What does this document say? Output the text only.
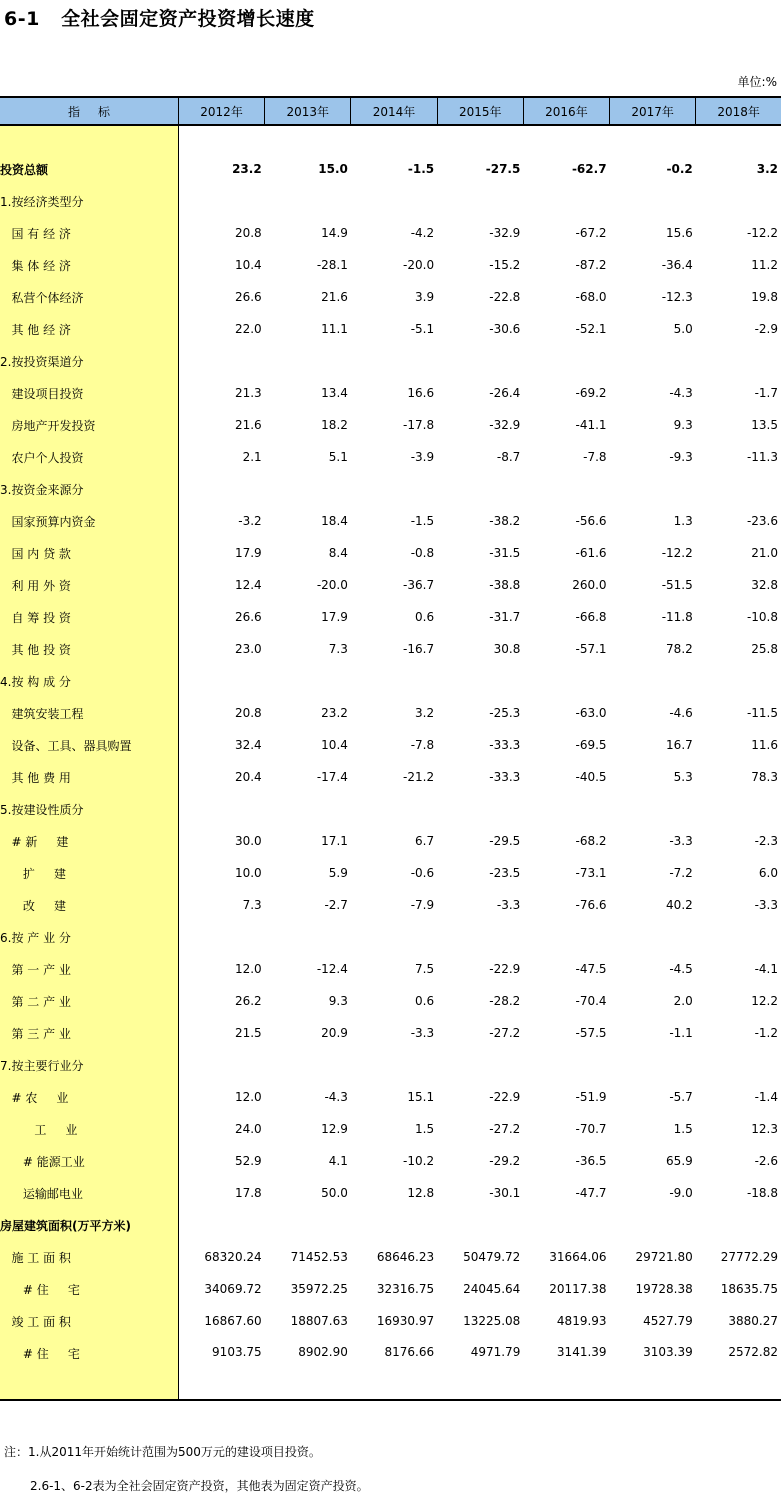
6-1   全社会固定资产投资增长速度
单位:%
指标	2012年	2013年	2014年	2015年	2016年	2017年	2018年

投资总额	23.2	15.0	-1.5	-27.5	-62.7	-0.2	3.2
1.按经济类型分							
国 有 经 济	20.8	14.9	-4.2	-32.9	-67.2	15.6	-12.2
集 体 经 济	10.4	-28.1	-20.0	-15.2	-87.2	-36.4	11.2
私营个体经济	26.6	21.6	3.9	-22.8	-68.0	-12.3	19.8
其 他 经 济	22.0	11.1	-5.1	-30.6	-52.1	5.0	-2.9
2.按投资渠道分							
建设项目投资	21.3	13.4	16.6	-26.4	-69.2	-4.3	-1.7
房地产开发投资	21.6	18.2	-17.8	-32.9	-41.1	9.3	13.5
农户个人投资	2.1	5.1	-3.9	-8.7	-7.8	-9.3	-11.3
3.按资金来源分							
国家预算内资金	-3.2	18.4	-1.5	-38.2	-56.6	1.3	-23.6
国 内 贷 款	17.9	8.4	-0.8	-31.5	-61.6	-12.2	21.0
利 用 外 资	12.4	-20.0	-36.7	-38.8	260.0	-51.5	32.8
自 筹 投 资	26.6	17.9	0.6	-31.7	-66.8	-11.8	-10.8
其 他 投 资	23.0	7.3	-16.7	30.8	-57.1	78.2	25.8
4.按 构 成 分							
建筑安装工程	20.8	23.2	3.2	-25.3	-63.0	-4.6	-11.5
设备、工具、器具购置	32.4	10.4	-7.8	-33.3	-69.5	16.7	11.6
其 他 费 用	20.4	-17.4	-21.2	-33.3	-40.5	5.3	78.3
5.按建设性质分							
# 新     建	30.0	17.1	6.7	-29.5	-68.2	-3.3	-2.3
扩     建	10.0	5.9	-0.6	-23.5	-73.1	-7.2	6.0
改     建	7.3	-2.7	-7.9	-3.3	-76.6	40.2	-3.3
6.按 产 业 分							
第 一 产 业	12.0	-12.4	7.5	-22.9	-47.5	-4.5	-4.1
第 二 产 业	26.2	9.3	0.6	-28.2	-70.4	2.0	12.2
第 三 产 业	21.5	20.9	-3.3	-27.2	-57.5	-1.1	-1.2
7.按主要行业分							
# 农     业	12.0	-4.3	15.1	-22.9	-51.9	-5.7	-1.4
工     业	24.0	12.9	1.5	-27.2	-70.7	1.5	12.3
# 能源工业	52.9	4.1	-10.2	-29.2	-36.5	65.9	-2.6
运输邮电业	17.8	50.0	12.8	-30.1	-47.7	-9.0	-18.8
房屋建筑面积(万平方米)							
施 工 面 积	68320.24	71452.53	68646.23	50479.72	31664.06	29721.80	27772.29
# 住     宅	34069.72	35972.25	32316.75	24045.64	20117.38	19728.38	18635.75
竣 工 面 积	16867.60	18807.63	16930.97	13225.08	4819.93	4527.79	3880.27
# 住     宅	9103.75	8902.90	8176.66	4971.79	3141.39	3103.39	2572.82
注：1.从2011年开始统计范围为500万元的建设项目投资。
2.6-1、6-2表为全社会固定资产投资，其他表为固定资产投资。
